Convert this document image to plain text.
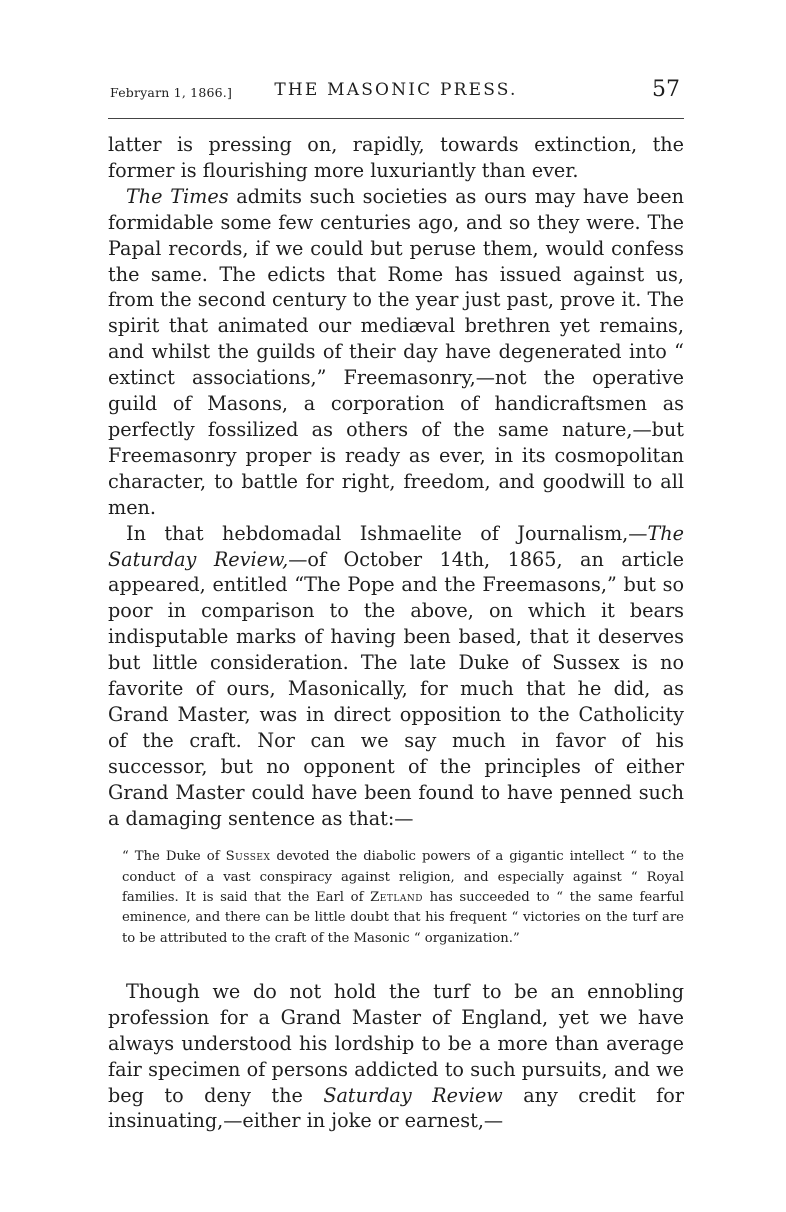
Febryarn 1, 1866.]	THE MASONIC PRESS.	57

latter is pressing on, rapidly, towards extinction, the former is flourishing more luxuriantly than ever.

The Times admits such societies as ours may have been formidable some few centuries ago, and so they were. The Papal records, if we could but peruse them, would confess the same. The edicts that Rome has issued against us, from the second century to the year just past, prove it. The spirit that animated our mediæval brethren yet remains, and whilst the guilds of their day have degenerated into “ extinct associations,” Freemasonry,—not the operative guild of Masons, a corporation of handicraftsmen as perfectly fossilized as others of the same nature,—but Freemasonry proper is ready as ever, in its cosmopolitan character, to battle for right, freedom, and goodwill to all men.

In that hebdomadal Ishmaelite of Journalism,—The Saturday Review,—of October 14th, 1865, an article appeared, entitled “The Pope and the Freemasons,” but so poor in comparison to the above, on which it bears indisputable marks of having been based, that it deserves but little consideration. The late Duke of Sussex is no favorite of ours, Masonically, for much that he did, as Grand Master, was in direct opposition to the Catholicity of the craft. Nor can we say much in favor of his successor, but no opponent of the principles of either Grand Master could have been found to have penned such a damaging sentence as that:—

“ The Duke of Sussex devoted the diabolic powers of a gigantic intellect “ to the conduct of a vast conspiracy against religion, and especially against “ Royal families. It is said that the Earl of Zetland has succeeded to “ the same fearful eminence, and there can be little doubt that his frequent “ victories on the turf are to be attributed to the craft of the Masonic “ organization.”

Though we do not hold the turf to be an ennobling profession for a Grand Master of England, yet we have always understood his lordship to be a more than average fair specimen of persons addicted to such pursuits, and we beg to deny the Saturday Review any credit for insinuating,—either in joke or earnest,—
